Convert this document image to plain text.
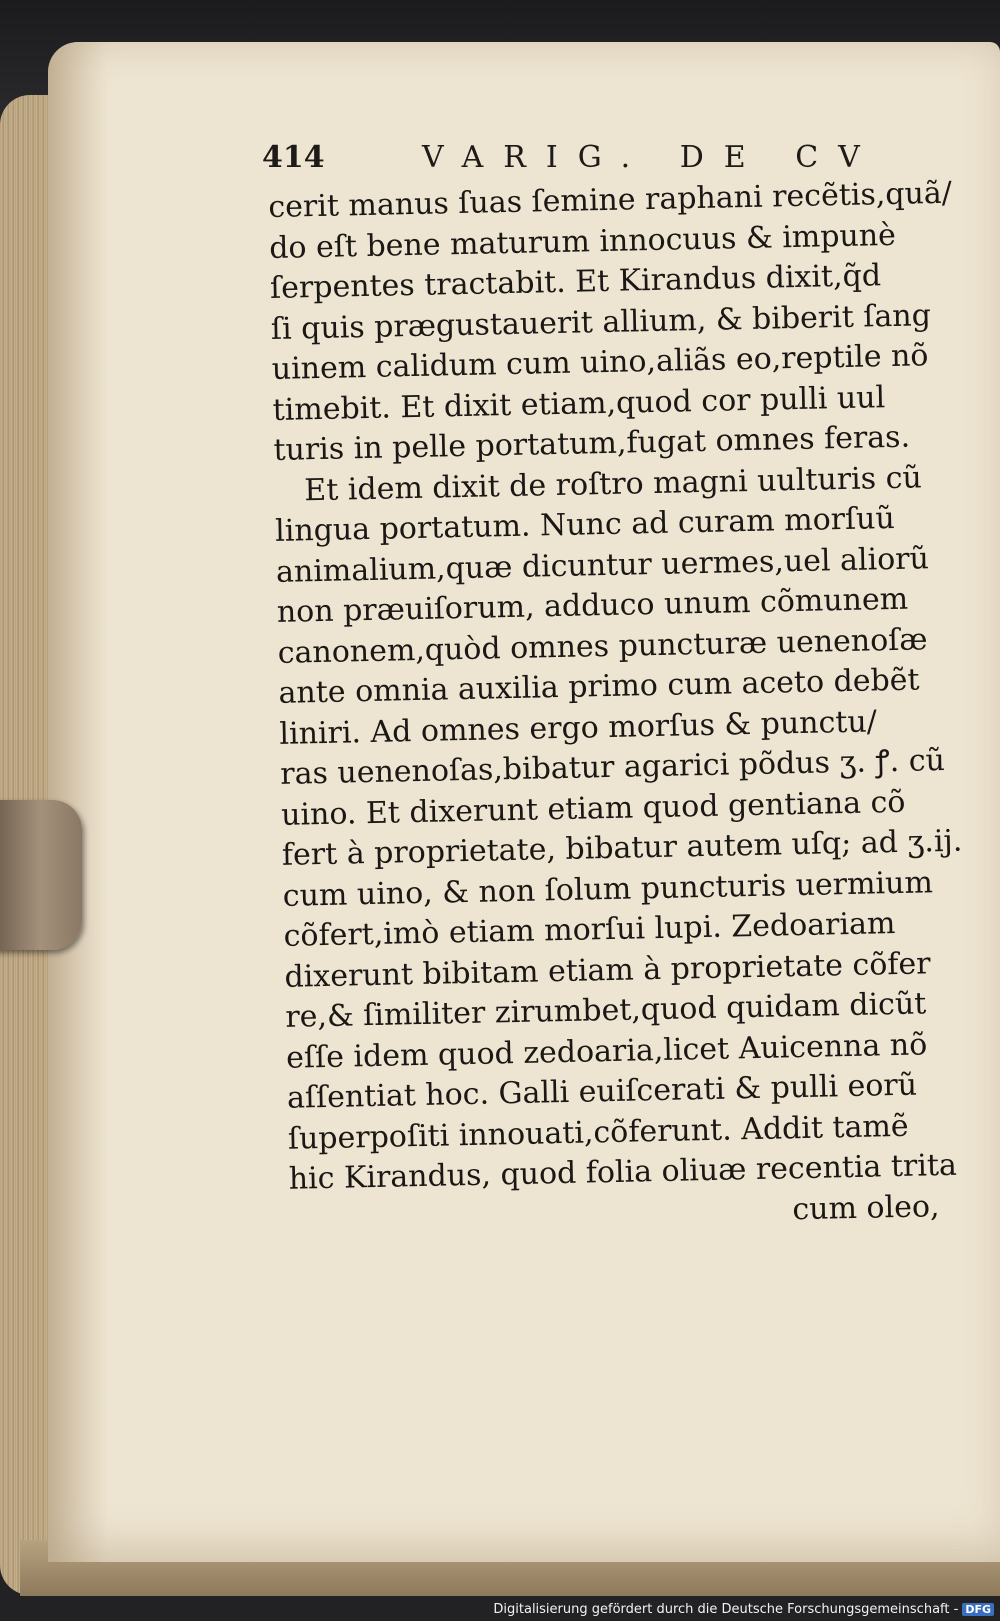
414	VARIG. DE CV
cerit manus ſuas ſemine raphani recẽtis,quã/
do eſt bene maturum innocuus & impunè
ſerpentes tractabit. Et Kirandus dixit,q̃d
ſi quis prægustauerit allium, & biberit ſang
uinem calidum cum uino,aliãs eo,reptile nõ
timebit. Et dixit etiam,quod cor pulli uul
turis in pelle portatum,fugat omnes feras.
Et idem dixit de roſtro magni uulturis cũ
lingua portatum. Nunc ad curam morſuũ
animalium,quæ dicuntur uermes,uel aliorũ
non præuiſorum, adduco unum cõmunem
canonem,quòd omnes puncturæ uenenoſæ
ante omnia auxilia primo cum aceto debẽt
liniri. Ad omnes ergo morſus & punctu/
ras uenenoſas,bibatur agarici põdus ʒ. ꝭ. cũ
uino. Et dixerunt etiam quod gentiana cõ
fert à proprietate, bibatur autem uſq; ad ʒ.ij.
cum uino, & non ſolum puncturis uermium
cõfert,imò etiam morſui lupi. Zedoariam
dixerunt bibitam etiam à proprietate cõfer
re,& ſimiliter zirumbet,quod quidam dicũt
eſſe idem quod zedoaria,licet Auicenna nõ
aſſentiat hoc. Galli euiſcerati & pulli eorũ
ſuperpoſiti innouati,cõferunt. Addit tamẽ
hic Kirandus, quod folia oliuæ recentia trita
cum oleo,
Digitalisierung gefördert durch die Deutsche Forschungsgemeinschaft - DFG
